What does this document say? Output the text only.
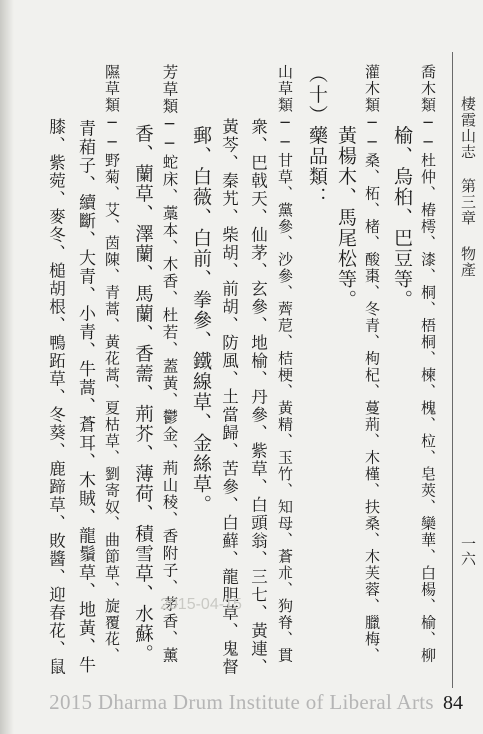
棲霞山志
第三章
物產
一六
喬木類──杜仲、椿樗、漆、桐、梧桐、楝、槐、柆、皂莢、欒華、白楊、榆、柳
　　　榆、烏桕、巴豆等。
灌木類──桑、柘、楮、酸棗、冬青、枸杞、蔓荊、木槿、扶桑、木芙蓉、臘梅、
　　　黃楊木、馬尾松等。
（十）藥品類：
山草類──甘草、黨參、沙參、薺苨、桔梗、黃精、玉竹、知母、蒼朮、狗脊、貫
　　　衆、巴戟天、仙茅、玄參、地榆、丹參、紫草、白頭翁、三七、黃連、
　　　黃芩、秦艽、柴胡、前胡、防風、土當歸、苦參、白蘚、龍胆草、鬼督
　　　郵、白薇、白前、拳參、鐵線草、金絲草。
芳草類──蛇床、藁本、木香、杜若、蓋黃、鬱金、荊山稜、香附子、茅香、薰
　　　香、蘭草、澤蘭、馬蘭、香薷、荊芥、薄荷、積雪草、水蘇。
隰草類──野菊、艾、茵陳、青蒿、黃花蒿、夏枯草、劉寄奴、曲節草、旋覆花、
　　　青葙子、續斷、大青、小青、牛蒿、蒼耳、木賊、龍鬚草、地黃、牛
　　　膝、紫菀、麥冬、槌胡根、鴨跖草、冬葵、鹿蹄草、敗醬、迎春花、鼠	2015-04-15
2015 Dharma Drum Institute of Liberal Arts 84
